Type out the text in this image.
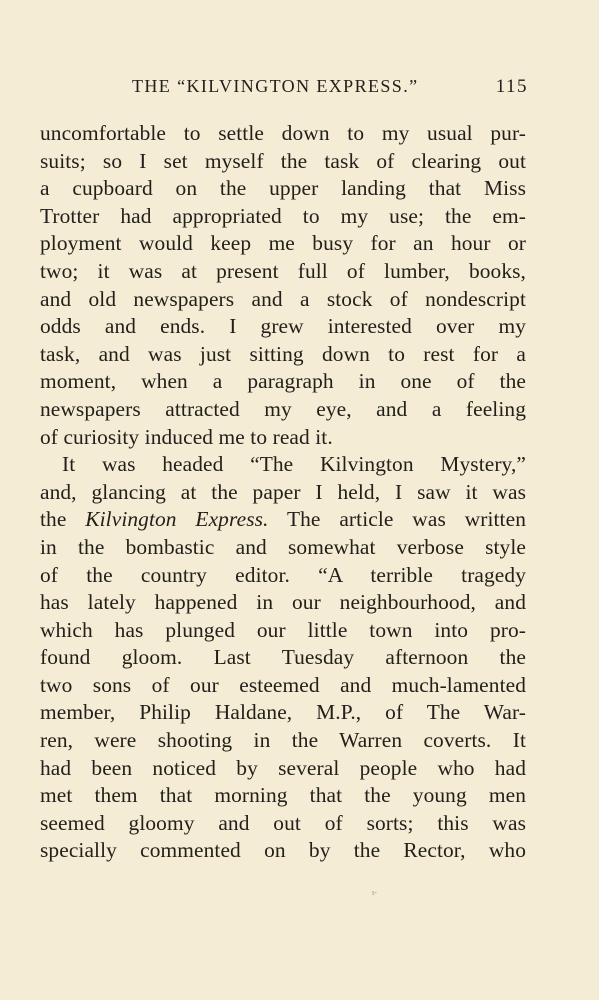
THE “KILVINGTON EXPRESS.”	115
uncomfortable to settle down to my usual pur-
suits; so I set myself the task of clearing out
a cupboard on the upper landing that Miss
Trotter had appropriated to my use; the em-
ployment would keep me busy for an hour or
two; it was at present full of lumber, books,
and old newspapers and a stock of nondescript
odds and ends. I grew interested over my
task, and was just sitting down to rest for a
moment, when a paragraph in one of the
newspapers attracted my eye, and a feeling
of curiosity induced me to read it.
It was headed “The Kilvington Mystery,”
and, glancing at the paper I held, I saw it was
the Kilvington Express. The article was written
in the bombastic and somewhat verbose style
of the country editor. “A terrible tragedy
has lately happened in our neighbourhood, and
which has plunged our little town into pro-
found gloom. Last Tuesday afternoon the
two sons of our esteemed and much-lamented
member, Philip Haldane, M.P., of The War-
ren, were shooting in the Warren coverts. It
had been noticed by several people who had
met them that morning that the young men
seemed gloomy and out of sorts; this was
specially commented on by the Rector, who
ι-
